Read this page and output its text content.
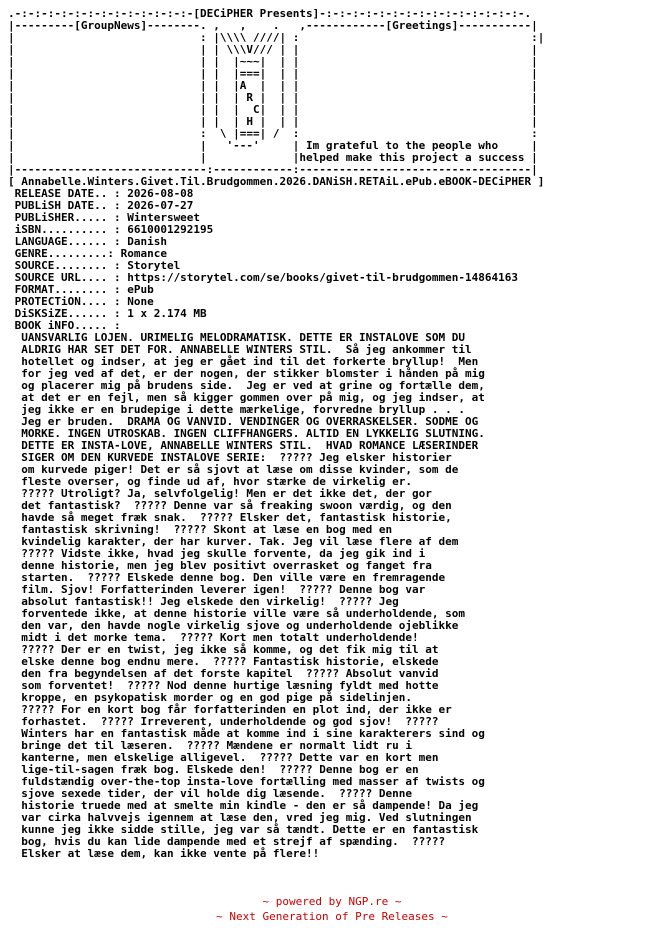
.-:-:-:-:-:-:-:-:-:-:-:-:-:-[DECiPHER Presents]-:-:-:-:-:-:-:-:-:-:-:-:-:-:-:-.
|---------[GroupNews]--------. ,   ,    .   ,------------[Greetings]-----------|
|                            : |\\\\ ////| :                                   :|
|                            | | \\\V/// | |                                   |
|                            | |  |~~~|  | |                                   |
|                            | |  |===|  | |                                   |
|                            | |  |A  |  | |                                   |
|                            | |  | R |  | |                                   |
|                            | |  |  C|  | |                                   |
|                            | |  | H |  | |                                   |
|                            :  \ |===| /  :                                   :
|                            |   '---'     | Im grateful to the people who     |
|                            |             |helped make this project a success |
|-----------------------------:------------:-----------------------------------|
[ Annabelle.Winters.Givet.Til.Brudgommen.2026.DANiSH.RETAiL.ePub.eBOOK-DECiPHER ]
RELEASE DATE.. : 2026-08-08
PUBLiSH DATE.. : 2026-07-27
PUBLiSHER..... : Wintersweet
iSBN.......... : 6610001292195
LANGUAGE...... : Danish
GENRE.........: Romance
SOURCE........ : Storytel
SOURCE URL.... : https://storytel.com/se/books/givet-til-brudgommen-14864163
FORMAT........ : ePub
PROTECTiON.... : None
DiSKSiZE...... : 1 x 2.174 MB
BOOK iNFO..... :
UANSVARLIG LOJEN. URIMELIG MELODRAMATISK. DETTE ER INSTALOVE SOM DU
ALDRIG HAR SET DET FOR. ANNABELLE WINTERS STIL.  Så jeg ankommer til
hotellet og indser, at jeg er gået ind til det forkerte bryllup!  Men
for jeg ved af det, er der nogen, der stikker blomster i hånden på mig
og placerer mig på brudens side.  Jeg er ved at grine og fortælle dem,
at det er en fejl, men så kigger gommen over på mig, og jeg indser, at
jeg ikke er en brudepige i dette mærkelige, forvredne bryllup . . .
Jeg er bruden.  DRAMA OG VANVID. VENDINGER OG OVERRASKELSER. SODME OG
MORKE. INGEN UTROSKAB. INGEN CLIFFHANGERS. ALTID EN LYKKELIG SLUTNING.
DETTE ER INSTA-LOVE, ANNABELLE WINTERS STIL.  HVAD ROMANCE LÆSERINDER
SIGER OM DEN KURVEDE INSTALOVE SERIE:  ????? Jeg elsker historier
om kurvede piger! Det er så sjovt at læse om disse kvinder, som de
fleste overser, og finde ud af, hvor stærke de virkelig er.
????? Utroligt? Ja, selvfolgelig! Men er det ikke det, der gor
det fantastisk?  ????? Denne var så freaking swoon værdig, og den
havde så meget fræk snak.  ????? Elsker det, fantastisk historie,
fantastisk skrivning!  ????? Skont at læse en bog med en
kvindelig karakter, der har kurver. Tak. Jeg vil læse flere af dem
????? Vidste ikke, hvad jeg skulle forvente, da jeg gik ind i
denne historie, men jeg blev positivt overrasket og fanget fra
starten.  ????? Elskede denne bog. Den ville være en fremragende
film. Sjov! Forfatterinden leverer igen!  ????? Denne bog var
absolut fantastisk!! Jeg elskede den virkelig!  ????? Jeg
forventede ikke, at denne historie ville være så underholdende, som
den var, den havde nogle virkelig sjove og underholdende ojeblikke
midt i det morke tema.  ????? Kort men totalt underholdende!
????? Der er en twist, jeg ikke så komme, og det fik mig til at
elske denne bog endnu mere.  ????? Fantastisk historie, elskede
den fra begyndelsen af det forste kapitel  ????? Absolut vanvid
som forventet!  ????? Nod denne hurtige læsning fyldt med hotte
kroppe, en psykopatisk morder og en god pige på sidelinjen.
????? For en kort bog får forfatterinden en plot ind, der ikke er
forhastet.  ????? Irreverent, underholdende og god sjov!  ?????
Winters har en fantastisk måde at komme ind i sine karakterers sind og
bringe det til læseren.  ????? Mændene er normalt lidt ru i
kanterne, men elskelige alligevel.  ????? Dette var en kort men
lige-til-sagen fræk bog. Elskede den!  ????? Denne bog er en
fuldstændig over-the-top insta-love fortælling med masser af twists og
sjove sexede tider, der vil holde dig læsende.  ????? Denne
historie truede med at smelte min kindle - den er så dampende! Da jeg
var cirka halvvejs igennem at læse den, vred jeg mig. Ved slutningen
kunne jeg ikke sidde stille, jeg var så tændt. Dette er en fantastisk
bog, hvis du kan lide dampende med et strejf af spænding.  ?????
Elsker at læse dem, kan ikke vente på flere!!
~ powered by NGP.re ~
~ Next Generation of Pre Releases ~
